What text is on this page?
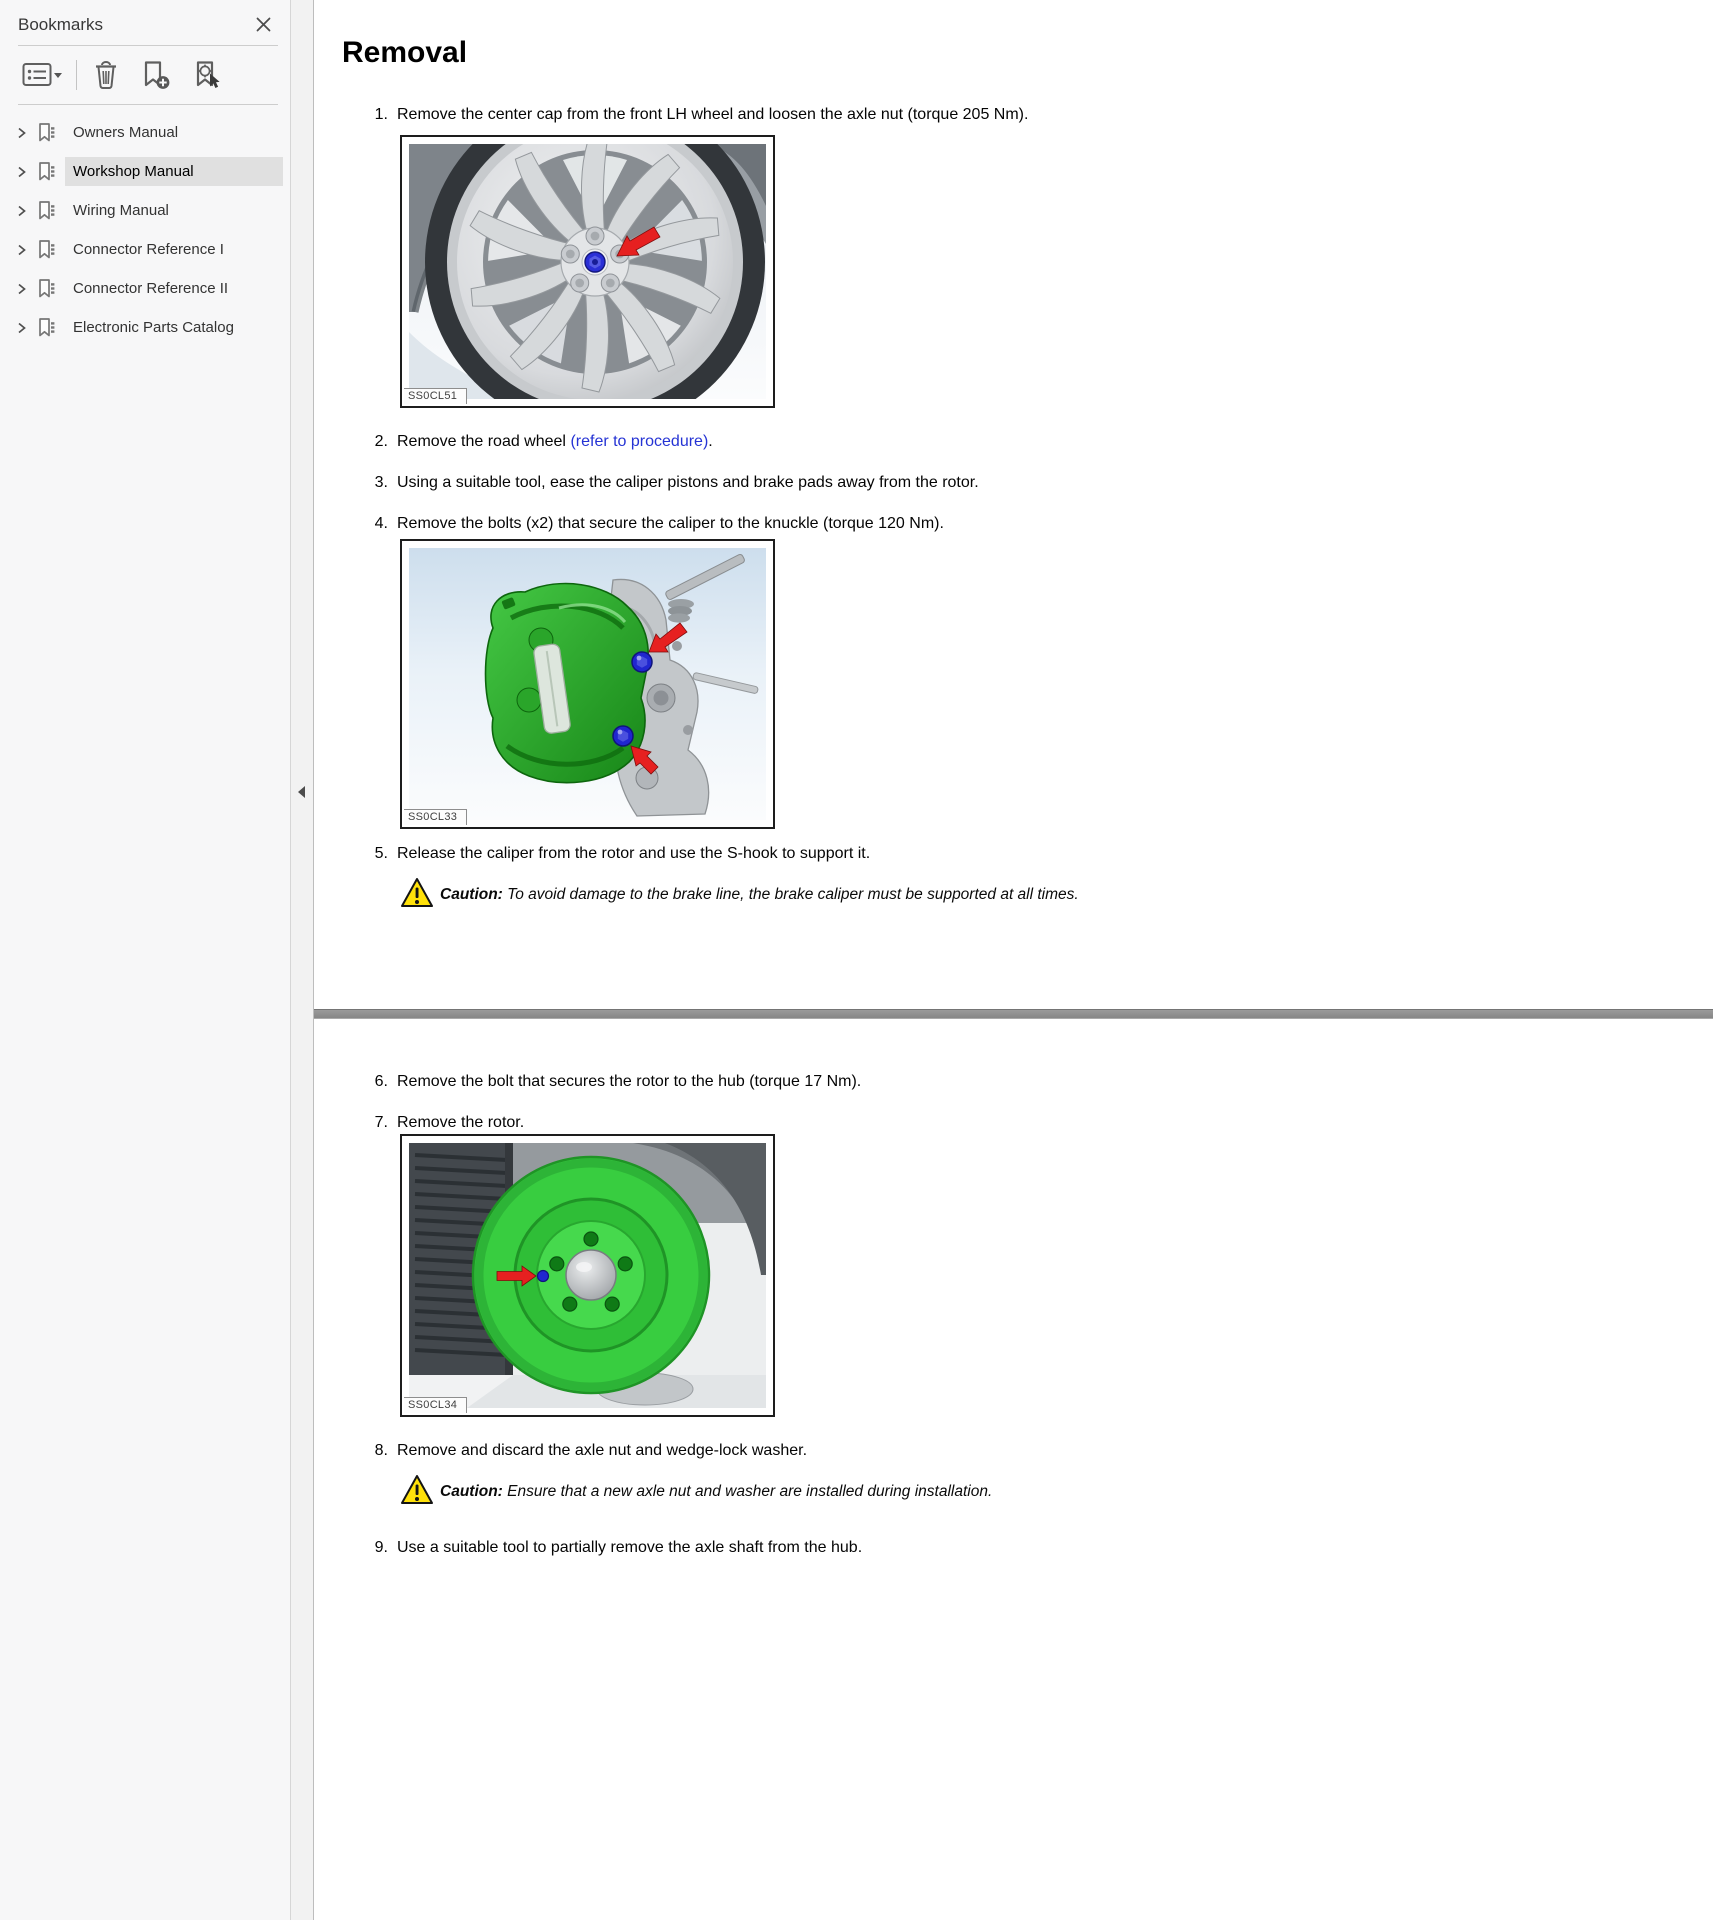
Bookmarks
Owners Manual
Workshop Manual
Wiring Manual
Connector Reference I
Connector Reference II
Electronic Parts Catalog
Removal
1. Remove the center cap from the front LH wheel and loosen the axle nut (torque 205 Nm).
SS0CL51
2. Remove the road wheel (refer to procedure).
3. Using a suitable tool, ease the caliper pistons and brake pads away from the rotor.
4. Remove the bolts (x2) that secure the caliper to the knuckle (torque 120 Nm).
SS0CL33
5. Release the caliper from the rotor and use the S-hook to support it.

Caution: To avoid damage to the brake line, the brake caliper must be supported at all times.

6. Remove the bolt that secures the rotor to the hub (torque 17 Nm).
7. Remove the rotor.
SS0CL34
8. Remove and discard the axle nut and wedge-lock washer.

Caution: Ensure that a new axle nut and washer are installed during installation.

9. Use a suitable tool to partially remove the axle shaft from the hub.
